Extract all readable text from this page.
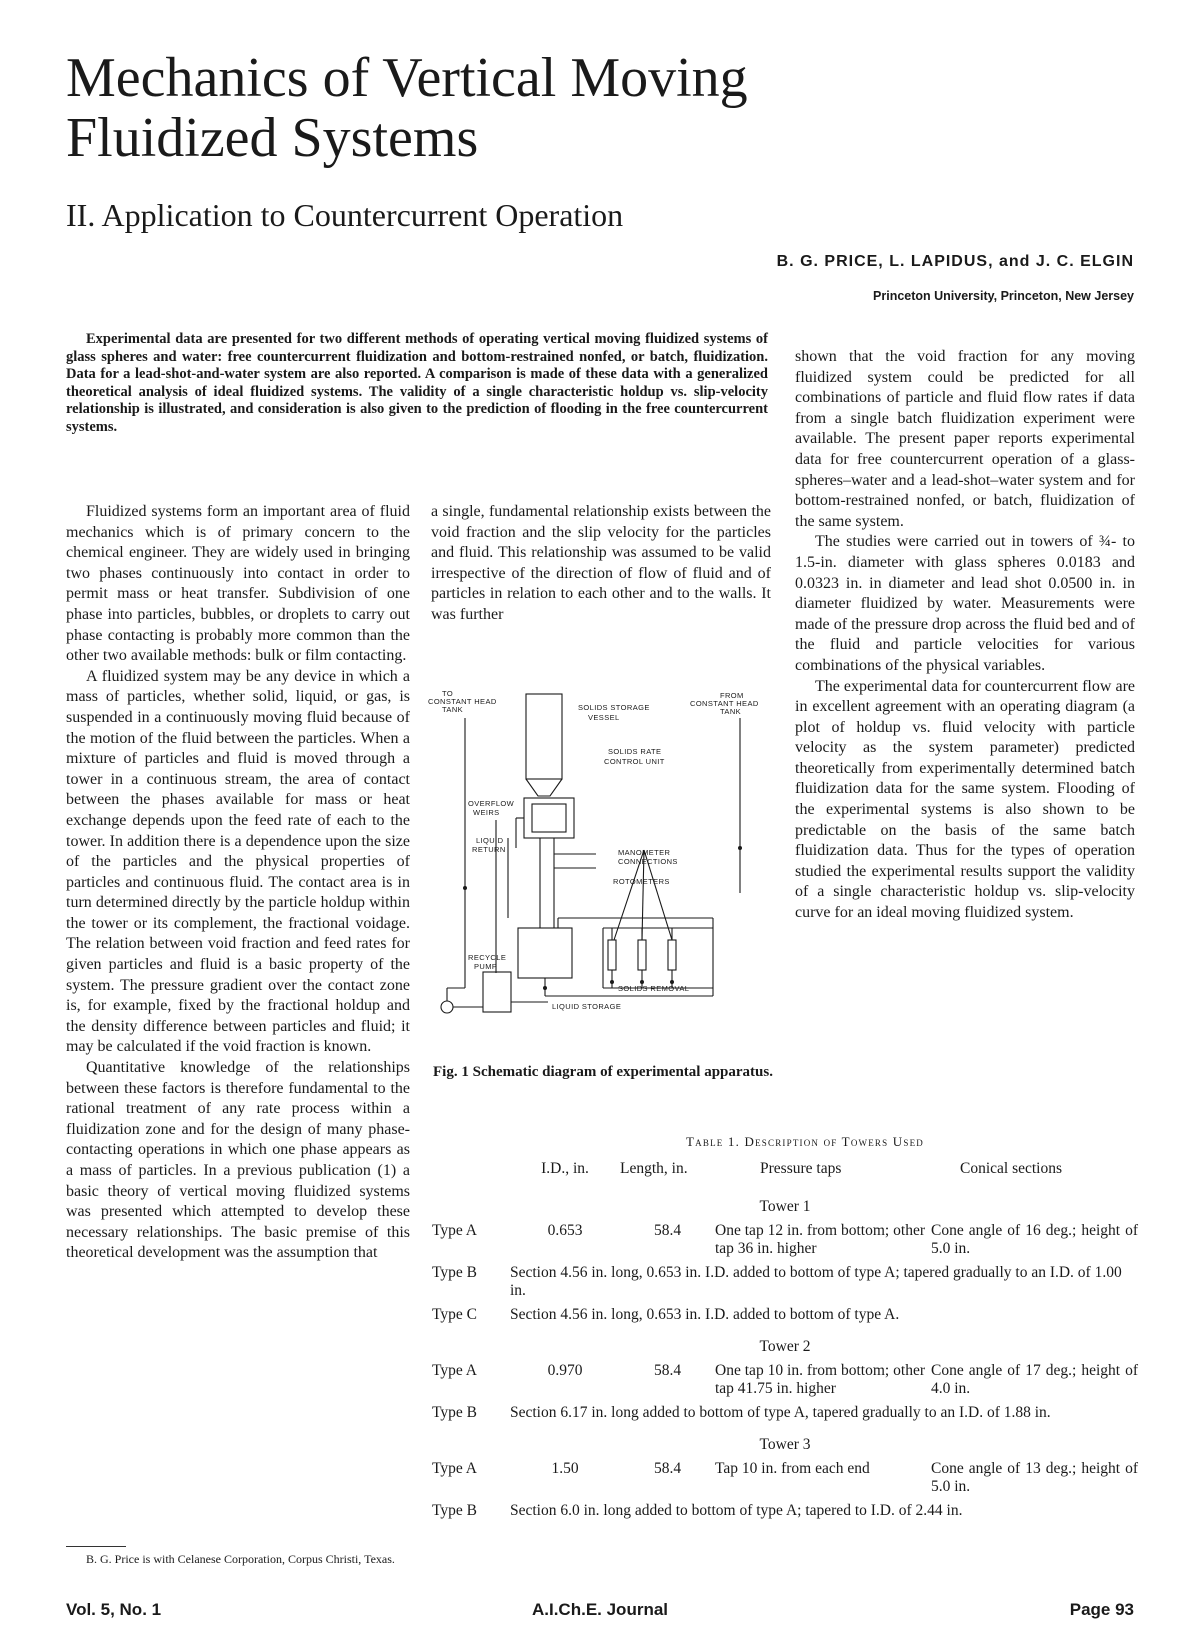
Mechanics of Vertical Moving Fluidized Systems
II. Application to Countercurrent Operation
B. G. PRICE, L. LAPIDUS, and J. C. ELGIN
Princeton University, Princeton, New Jersey

Experimental data are presented for two different methods of operating vertical moving fluidized systems of glass spheres and water: free countercurrent fluidization and bottom-restrained nonfed, or batch, fluidization. Data for a lead-shot-and-water system are also reported. A comparison is made of these data with a generalized theoretical analysis of ideal fluidized systems. The validity of a single characteristic holdup vs. slip-velocity relationship is illustrated, and consideration is also given to the prediction of flooding in the free countercurrent systems.

Fluidized systems form an important area of fluid mechanics which is of primary concern to the chemical engineer. They are widely used in bringing two phases continuously into contact in order to permit mass or heat transfer. Subdivision of one phase into particles, bubbles, or droplets to carry out phase contacting is probably more common than the other two available methods: bulk or film contacting.

A fluidized system may be any device in which a mass of particles, whether solid, liquid, or gas, is suspended in a continuously moving fluid because of the motion of the fluid between the particles. When a mixture of particles and fluid is moved through a tower in a continuous stream, the area of contact between the phases available for mass or heat exchange depends upon the feed rate of each to the tower. In addition there is a dependence upon the size of the particles and the physical properties of particles and continuous fluid. The contact area is in turn determined directly by the particle holdup within the tower or its complement, the fractional voidage. The relation between void fraction and feed rates for given particles and fluid is a basic property of the system. The pressure gradient over the contact zone is, for example, fixed by the fractional holdup and the density difference between particles and fluid; it may be calculated if the void fraction is known.

Quantitative knowledge of the relationships between these factors is therefore fundamental to the rational treatment of any rate process within a fluidization zone and for the design of many phase-contacting operations in which one phase appears as a mass of particles. In a previous publication (1) a basic theory of vertical moving fluidized systems was presented which attempted to develop these necessary relationships. The basic premise of this theoretical development was the assumption that

a single, fundamental relationship exists between the void fraction and the slip velocity for the particles and fluid. This relationship was assumed to be valid irrespective of the direction of flow of fluid and of particles in relation to each other and to the walls. It was further

shown that the void fraction for any moving fluidized system could be predicted for all combinations of particle and fluid flow rates if data from a single batch fluidization experiment were available. The present paper reports experimental data for free countercurrent operation of a glass-spheres–water and a lead-shot–water system and for bottom-restrained nonfed, or batch, fluidization of the same system.

The studies were carried out in towers of ¾- to 1.5-in. diameter with glass spheres 0.0183 and 0.0323 in. in diameter and lead shot 0.0500 in. in diameter fluidized by water. Measurements were made of the pressure drop across the fluid bed and of the fluid and particle velocities for various combinations of the physical variables.

The experimental data for countercurrent flow are in excellent agreement with an operating diagram (a plot of holdup vs. fluid velocity with particle velocity as the system parameter) predicted theoretically from experimentally determined batch fluidization data for the same system. Flooding of the experimental systems is also shown to be predictable on the basis of the same batch fluidization data. Thus for the types of operation studied the experimental results support the validity of a single characteristic holdup vs. slip-velocity curve for an ideal moving fluidized system.

B. G. Price is with Celanese Corporation, Corpus Christi, Texas.

TO
CONSTANT HEAD
TANK
FROM
CONSTANT HEAD
TANK
SOLIDS STORAGE
VESSEL
SOLIDS RATE
CONTROL UNIT
OVERFLOW
WEIRS
MANOMETER
CONNECTIONS
LIQUID
RETURN
ROTOMETERS
RECYCLE
PUMP
SOLIDS REMOVAL
LIQUID STORAGE

Fig. 1 Schematic diagram of experimental apparatus.

Table 1. Description of Towers Used
	I.D., in.	Length, in.	Pressure taps	Conical sections
Tower 1				
Type A	0.653	58.4	One tap 12 in. from bottom; other tap 36 in. higher	Cone angle of 16 deg.; height of 5.0 in.

Type B	Section 4.56 in. long, 0.653 in. I.D. added to bottom of type A; tapered gradually to an I.D. of 1.00 in.			

Type C	Section 4.56 in. long, 0.653 in. I.D. added to bottom of type A.			
Tower 2				
Type A	0.970	58.4	One tap 10 in. from bottom; other tap 41.75 in. higher	Cone angle of 17 deg.; height of 4.0 in.

Type B	Section 6.17 in. long added to bottom of type A, tapered gradually to an I.D. of 1.88 in.			
Tower 3				
Type A	1.50	58.4	Tap 10 in. from each end	Cone angle of 13 deg.; height of 5.0 in.

Type B	Section 6.0 in. long added to bottom of type A; tapered to I.D. of 2.44 in.			
Vol. 5, No. 1	A.I.Ch.E. Journal	Page 93
